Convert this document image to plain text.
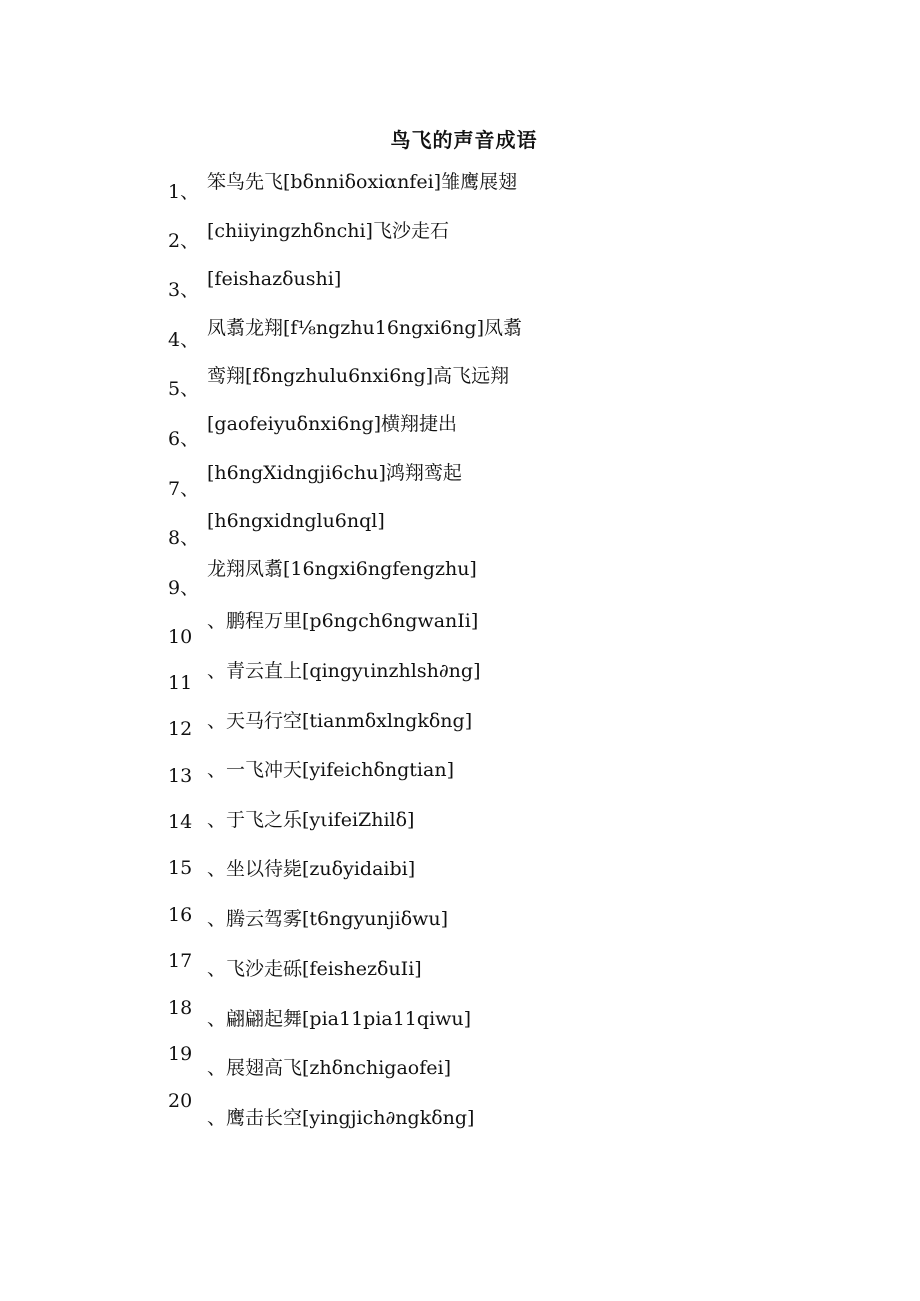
鸟飞的声音成语
1、
2、
3、
4、
5、
6、
7、
8、
9、
10
11
12
13
14
15
16
17
18
19
20
笨鸟先飞[bδnniδoxiαnfei]雏鹰展翅
[chiiyingzhδnchi]飞沙走石
[feishazδushi]
凤翥龙翔[f⅛ngzhu16ngxi6ng]凤翥
鸾翔[fδngzhulu6nxi6ng]高飞远翔
[gaofeiyuδnxi6ng]横翔捷出
[h6ngXidngji6chu]鸿翔鸾起
[h6ngxidnglu6nql]
龙翔凤翥[16ngxi6ngfengzhu]
、鹏程万里[p6ngch6ngwanIi]
、青云直上[qingyιinzhlsh∂ng]
、天马行空[tianmδxlngkδng]
、一飞冲天[yifeichδngtian]
、于飞之乐[yιifeiZhilδ]
、坐以待毙[zuδyidaibi]
、腾云驾雾[t6ngyunjiδwu]
、飞沙走砾[feishezδuIi]
、翩翩起舞[pia11pia11qiwu]
、展翅高飞[zhδnchigaofei]
、鹰击长空[yingjich∂ngkδng]
